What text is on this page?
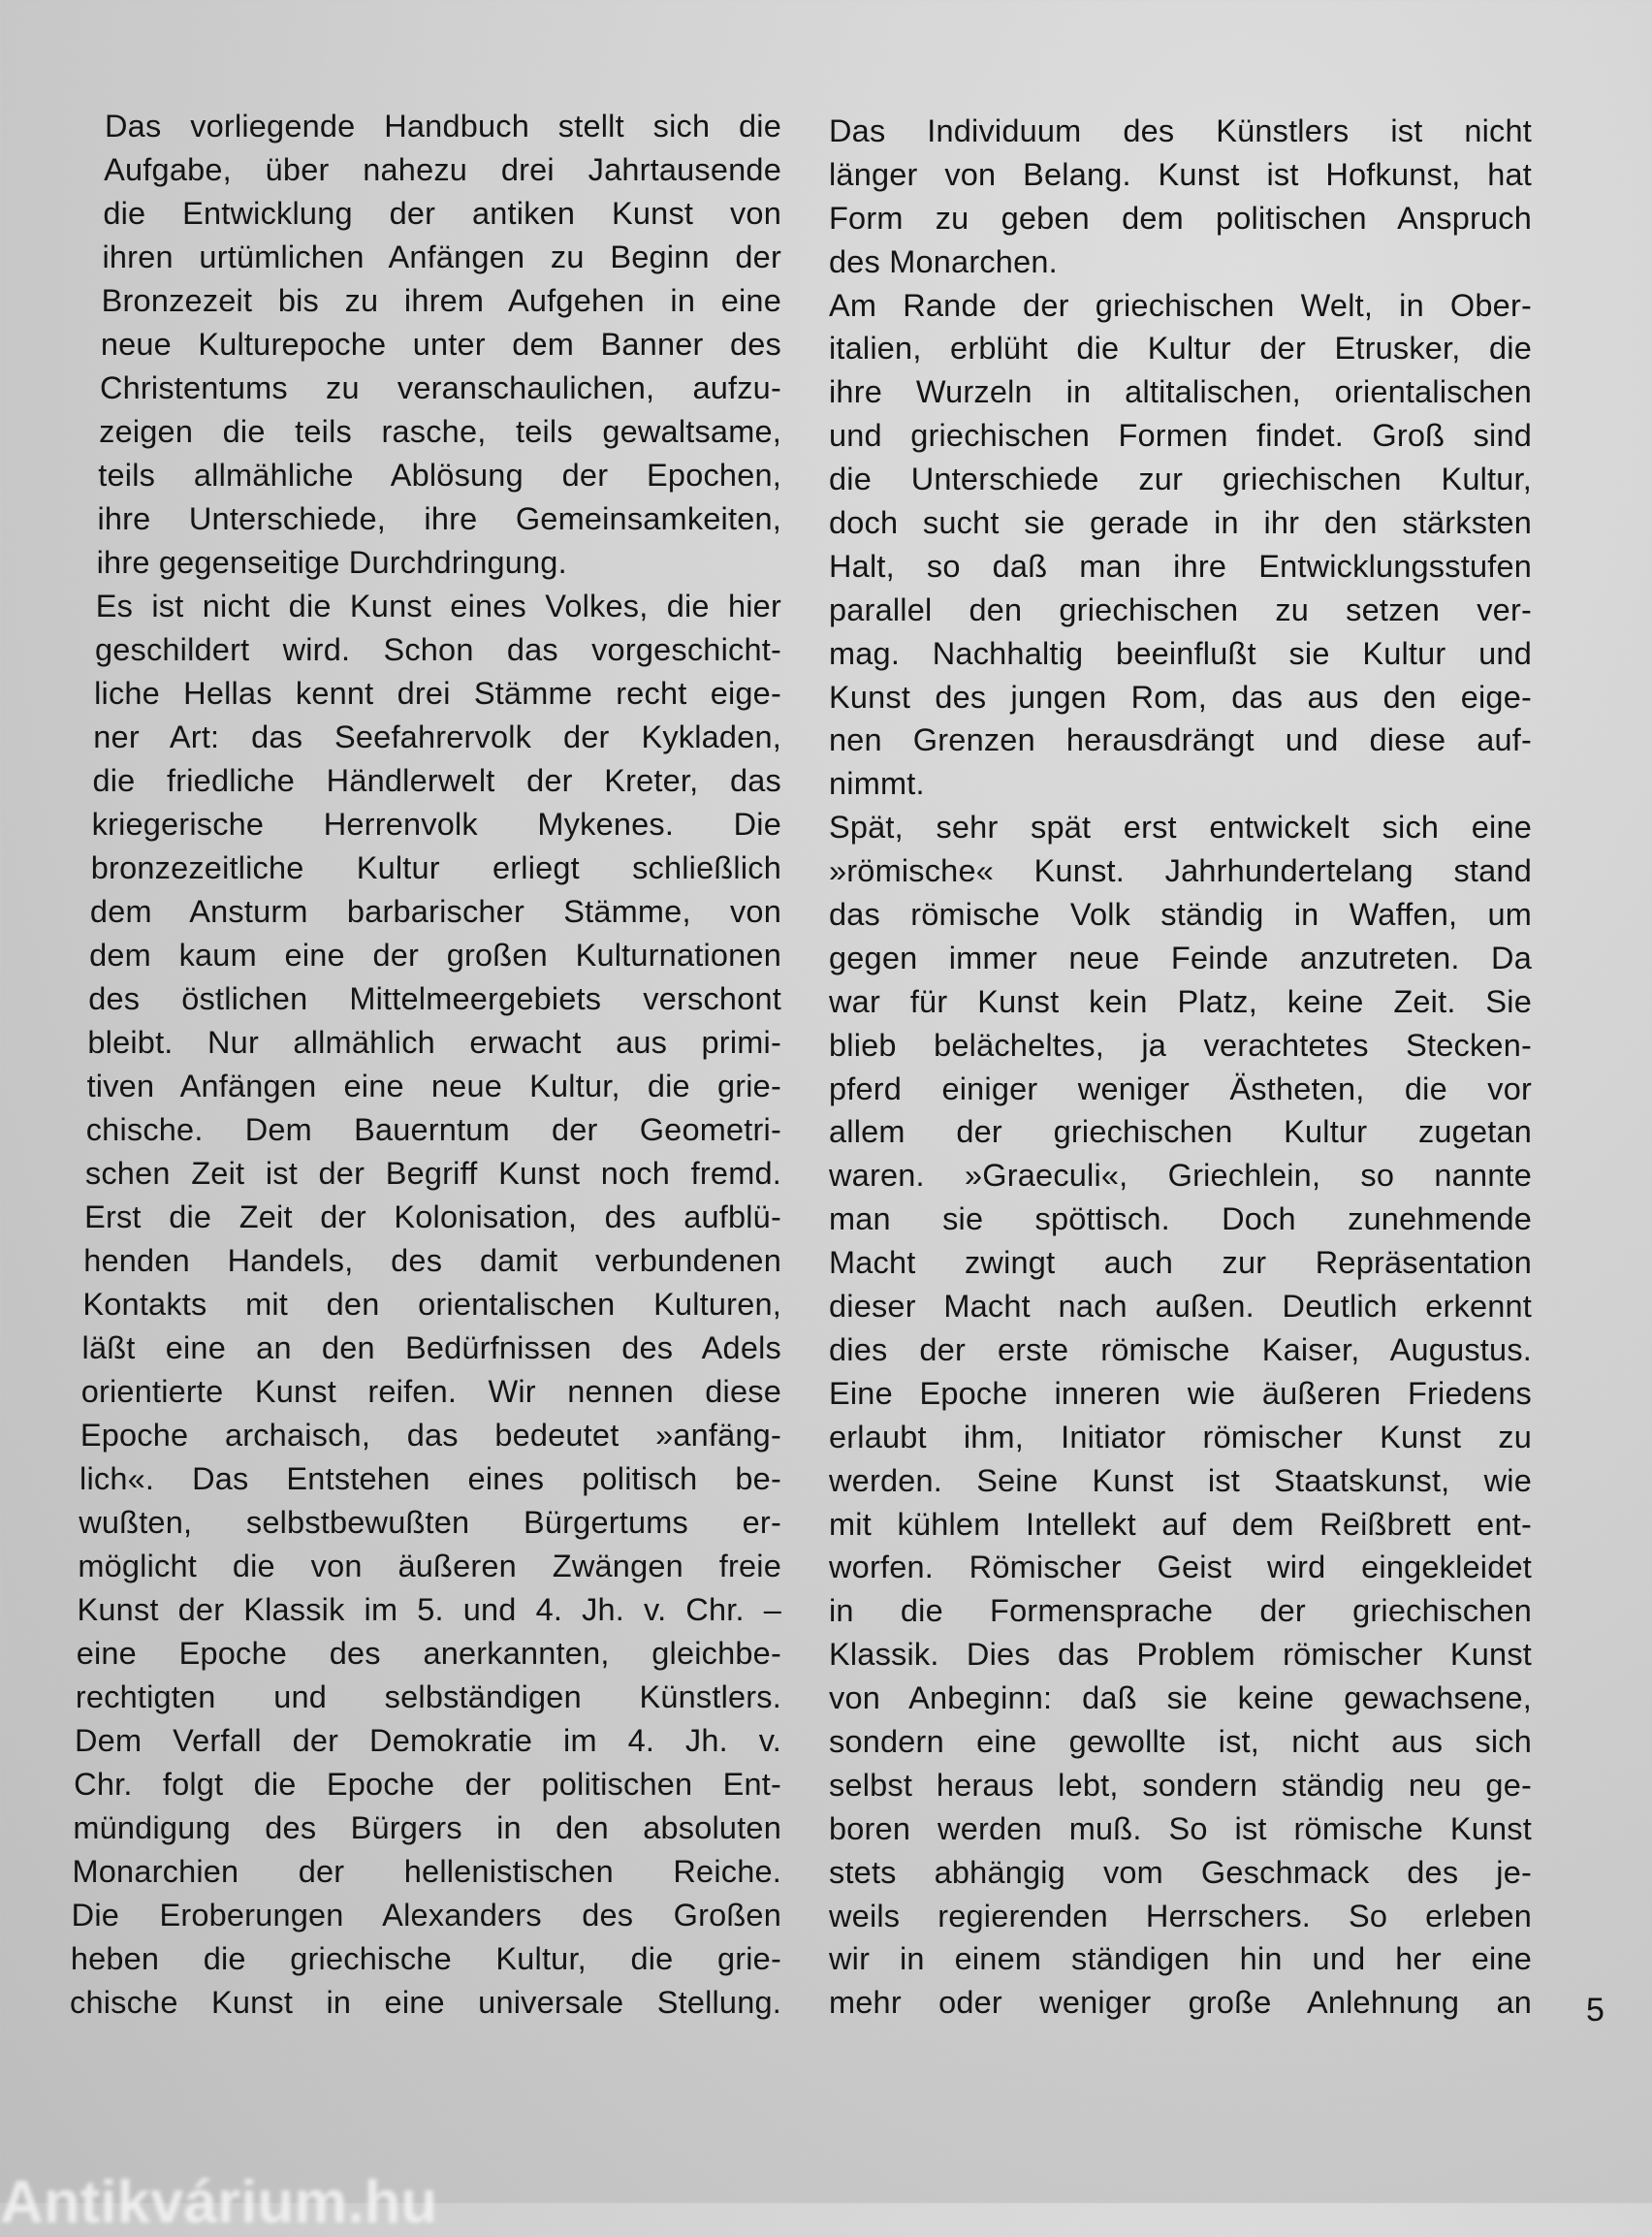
Das vorliegende Handbuch stellt sich die
Aufgabe, über nahezu drei Jahrtausende
die Entwicklung der antiken Kunst von
ihren urtümlichen Anfängen zu Beginn der
Bronzezeit bis zu ihrem Aufgehen in eine
neue Kulturepoche unter dem Banner des
Christentums zu veranschaulichen, aufzu-
zeigen die teils rasche, teils gewaltsame,
teils allmähliche Ablösung der Epochen,
ihre Unterschiede, ihre Gemeinsamkeiten,
ihre gegenseitige Durchdringung.
Es ist nicht die Kunst eines Volkes, die hier
geschildert wird. Schon das vorgeschicht-
liche Hellas kennt drei Stämme recht eige-
ner Art: das Seefahrervolk der Kykladen,
die friedliche Händlerwelt der Kreter, das
kriegerische Herrenvolk Mykenes. Die
bronzezeitliche Kultur erliegt schließlich
dem Ansturm barbarischer Stämme, von
dem kaum eine der großen Kulturnationen
des östlichen Mittelmeergebiets verschont
bleibt. Nur allmählich erwacht aus primi-
tiven Anfängen eine neue Kultur, die grie-
chische. Dem Bauerntum der Geometri-
schen Zeit ist der Begriff Kunst noch fremd.
Erst die Zeit der Kolonisation, des aufblü-
henden Handels, des damit verbundenen
Kontakts mit den orientalischen Kulturen,
läßt eine an den Bedürfnissen des Adels
orientierte Kunst reifen. Wir nennen diese
Epoche archaisch, das bedeutet »anfäng-
lich«. Das Entstehen eines politisch be-
wußten, selbstbewußten Bürgertums er-
möglicht die von äußeren Zwängen freie
Kunst der Klassik im 5. und 4. Jh. v. Chr. –
eine Epoche des anerkannten, gleichbe-
rechtigten und selbständigen Künstlers.
Dem Verfall der Demokratie im 4. Jh. v.
Chr. folgt die Epoche der politischen Ent-
mündigung des Bürgers in den absoluten
Monarchien der hellenistischen Reiche.
Die Eroberungen Alexanders des Großen
heben die griechische Kultur, die grie-
chische Kunst in eine universale Stellung.
Das Individuum des Künstlers ist nicht
länger von Belang. Kunst ist Hofkunst, hat
Form zu geben dem politischen Anspruch
des Monarchen.
Am Rande der griechischen Welt, in Ober-
italien, erblüht die Kultur der Etrusker, die
ihre Wurzeln in altitalischen, orientalischen
und griechischen Formen findet. Groß sind
die Unterschiede zur griechischen Kultur,
doch sucht sie gerade in ihr den stärksten
Halt, so daß man ihre Entwicklungsstufen
parallel den griechischen zu setzen ver-
mag. Nachhaltig beeinflußt sie Kultur und
Kunst des jungen Rom, das aus den eige-
nen Grenzen herausdrängt und diese auf-
nimmt.
Spät, sehr spät erst entwickelt sich eine
»römische« Kunst. Jahrhundertelang stand
das römische Volk ständig in Waffen, um
gegen immer neue Feinde anzutreten. Da
war für Kunst kein Platz, keine Zeit. Sie
blieb belächeltes, ja verachtetes Stecken-
pferd einiger weniger Ästheten, die vor
allem der griechischen Kultur zugetan
waren. »Graeculi«, Griechlein, so nannte
man sie spöttisch. Doch zunehmende
Macht zwingt auch zur Repräsentation
dieser Macht nach außen. Deutlich erkennt
dies der erste römische Kaiser, Augustus.
Eine Epoche inneren wie äußeren Friedens
erlaubt ihm, Initiator römischer Kunst zu
werden. Seine Kunst ist Staatskunst, wie
mit kühlem Intellekt auf dem Reißbrett ent-
worfen. Römischer Geist wird eingekleidet
in die Formensprache der griechischen
Klassik. Dies das Problem römischer Kunst
von Anbeginn: daß sie keine gewachsene,
sondern eine gewollte ist, nicht aus sich
selbst heraus lebt, sondern ständig neu ge-
boren werden muß. So ist römische Kunst
stets abhängig vom Geschmack des je-
weils regierenden Herrschers. So erleben
wir in einem ständigen hin und her eine
mehr oder weniger große Anlehnung an 5
Antikvárium.hu
